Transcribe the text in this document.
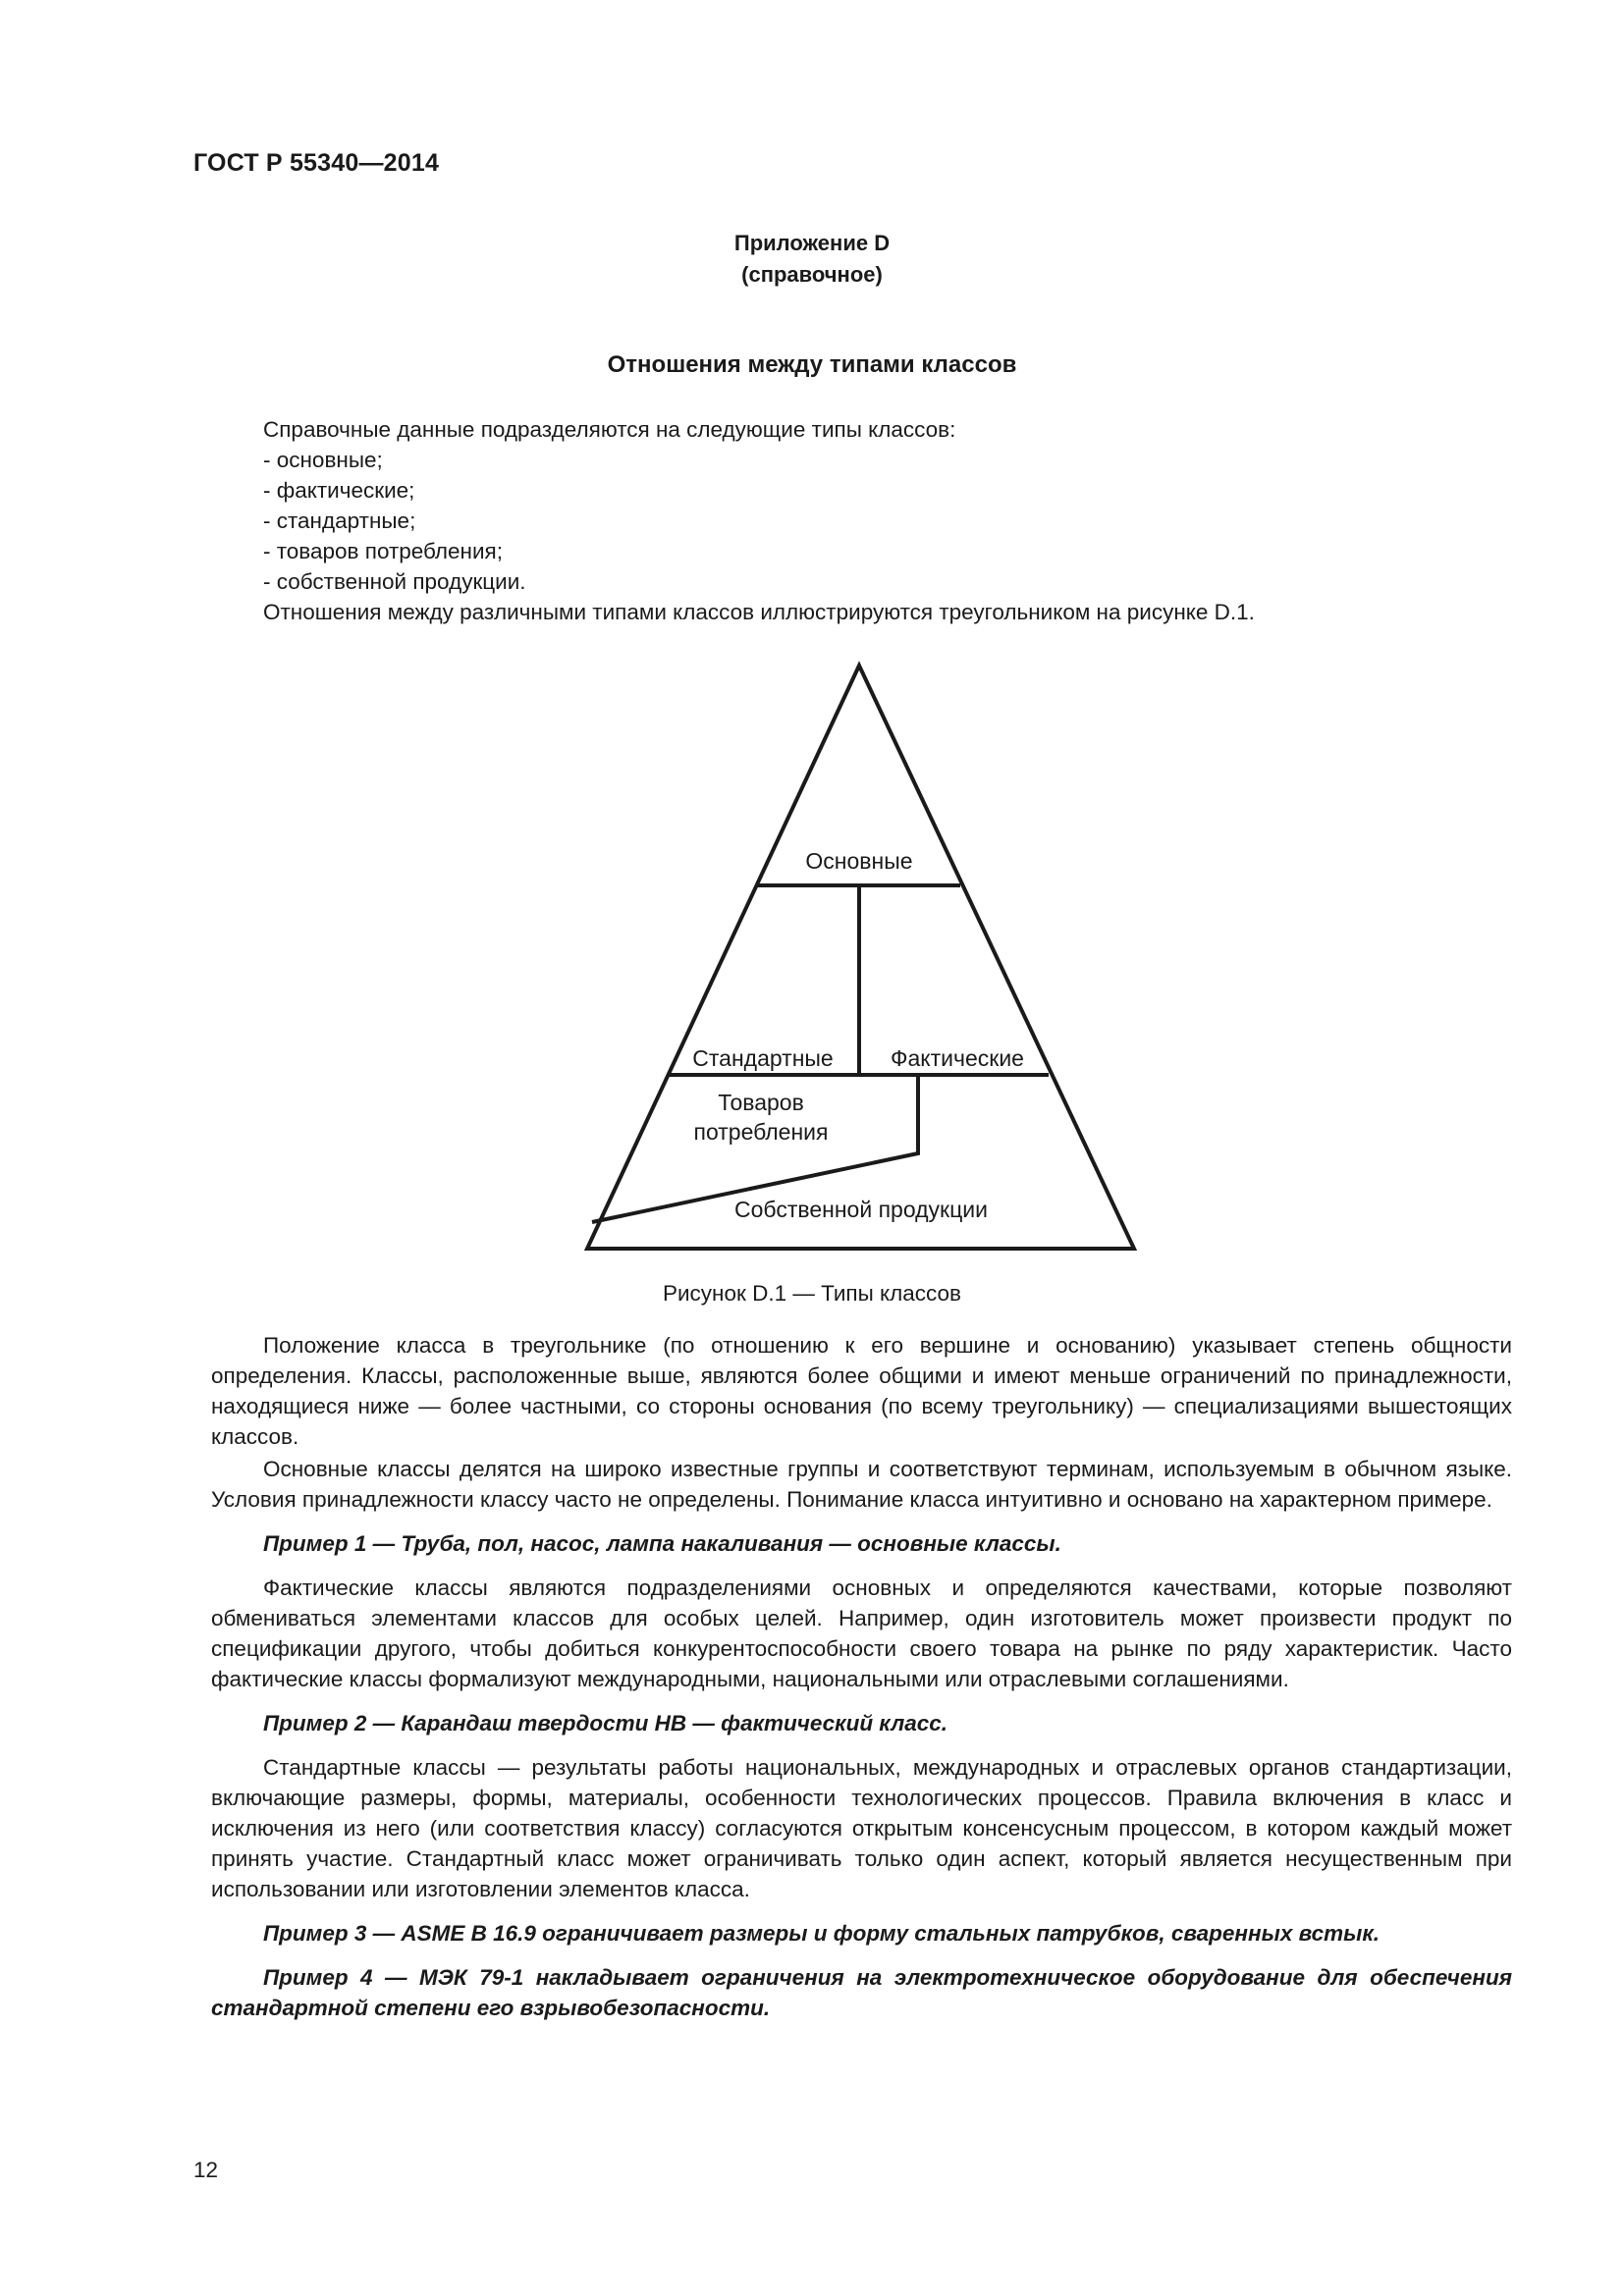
ГОСТ Р 55340—2014
Приложение D
(справочное)
Отношения между типами классов
Справочные данные подразделяются на следующие типы классов:
- основные;
- фактические;
- стандартные;
- товаров потребления;
- собственной продукции.
Отношения между различными типами классов иллюстрируются треугольником на рисунке D.1.
Основные
Стандартные	Фактические
Товаров
потребления
Собственной продукции
Рисунок D.1 — Типы классов

Положение класса в треугольнике (по отношению к его вершине и основанию) указывает степень общности определения. Классы, расположенные выше, являются более общими и имеют меньше ограничений по принадлежности, находящиеся ниже — более частными, со стороны основания (по всему треугольнику) — специализациями вышестоящих классов.

Основные классы делятся на широко известные группы и соответствуют терминам, используемым в обычном языке. Условия принадлежности классу часто не определены. Понимание класса интуитивно и основано на характерном примере.

Пример 1 — Труба, пол, насос, лампа накаливания — основные классы.

Фактические классы являются подразделениями основных и определяются качествами, которые позволяют обмениваться элементами классов для особых целей. Например, один изготовитель может произвести продукт по спецификации другого, чтобы добиться конкурентоспособности своего товара на рынке по ряду характеристик. Часто фактические классы формализуют международными, национальными или отраслевыми соглашениями.

Пример 2 — Карандаш твердости НВ — фактический класс.

Стандартные классы — результаты работы национальных, международных и отраслевых органов стандартизации, включающие размеры, формы, материалы, особенности технологических процессов. Правила включения в класс и исключения из него (или соответствия классу) согласуются открытым консенсусным процессом, в котором каждый может принять участие. Стандартный класс может ограничивать только один аспект, который является несущественным при использовании или изготовлении элементов класса.

Пример 3 — ASME B 16.9 ограничивает размеры и форму стальных патрубков, сваренных встык.

Пример 4 — МЭК 79-1 накладывает ограничения на электротехническое оборудование для обеспечения стандартной степени его взрывобезопасности.

12
